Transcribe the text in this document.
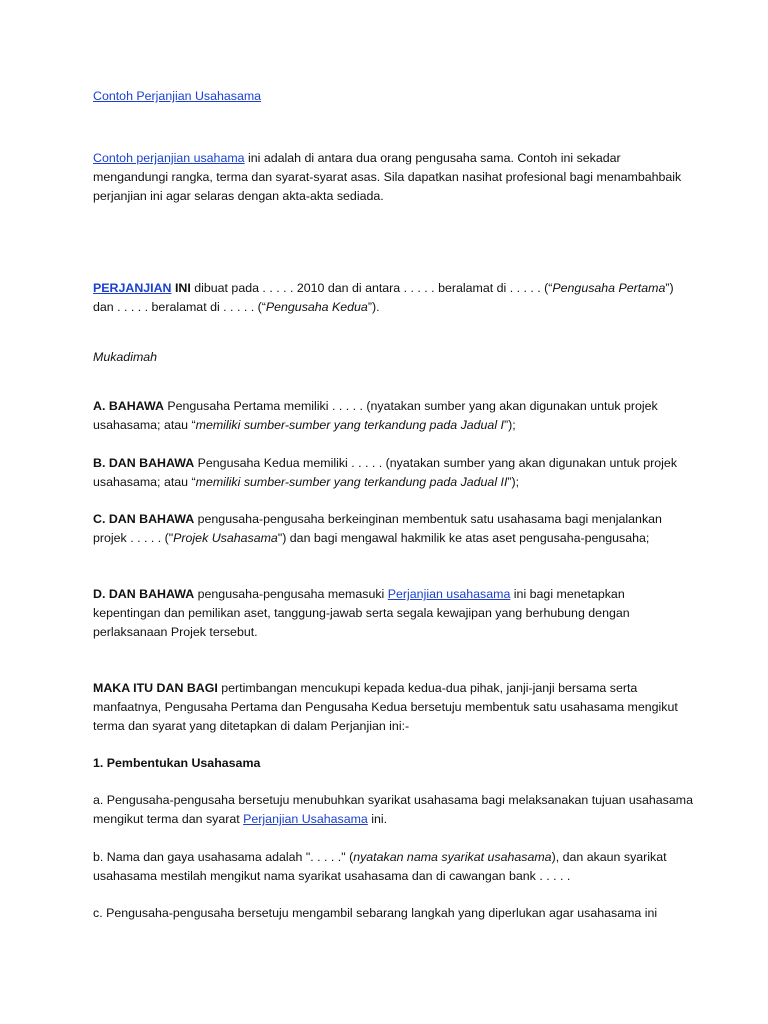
Contoh Perjanjian Usahasama

Contoh perjanjian usahama ini adalah di antara dua orang pengusaha sama. Contoh ini sekadar mengandungi rangka, terma dan syarat-syarat asas. Sila dapatkan nasihat profesional bagi menambahbaik perjanjian ini agar selaras dengan akta-akta sediada.

PERJANJIAN INI dibuat pada . . . . . 2010 dan di antara . . . . . beralamat di . . . . . (“Pengusaha Pertama”) dan . . . . . beralamat di . . . . . (“Pengusaha Kedua”).

Mukadimah

A. BAHAWA Pengusaha Pertama memiliki . . . . . (nyatakan sumber yang akan digunakan untuk projek usahasama; atau “memiliki sumber-sumber yang terkandung pada Jadual I”);

B. DAN BAHAWA Pengusaha Kedua memiliki . . . . . (nyatakan sumber yang akan digunakan untuk projek usahasama; atau “memiliki sumber-sumber yang terkandung pada Jadual II”);

C. DAN BAHAWA pengusaha-pengusaha berkeinginan membentuk satu usahasama bagi menjalankan projek . . . . . ("Projek Usahasama") dan bagi mengawal hakmilik ke atas aset pengusaha-pengusaha;

D. DAN BAHAWA pengusaha-pengusaha memasuki Perjanjian usahasama ini bagi menetapkan kepentingan dan pemilikan aset, tanggung-jawab serta segala kewajipan yang berhubung dengan perlaksanaan Projek tersebut.

MAKA ITU DAN BAGI pertimbangan mencukupi kepada kedua-dua pihak, janji-janji bersama serta manfaatnya, Pengusaha Pertama dan Pengusaha Kedua bersetuju membentuk satu usahasama mengikut terma dan syarat yang ditetapkan di dalam Perjanjian ini:-

1. Pembentukan Usahasama

a. Pengusaha-pengusaha bersetuju menubuhkan syarikat usahasama bagi melaksanakan tujuan usahasama mengikut terma dan syarat Perjanjian Usahasama ini.

b. Nama dan gaya usahasama adalah ". . . . ." (nyatakan nama syarikat usahasama), dan akaun syarikat usahasama mestilah mengikut nama syarikat usahasama dan di cawangan bank . . . . .

c. Pengusaha-pengusaha bersetuju mengambil sebarang langkah yang diperlukan agar usahasama ini
